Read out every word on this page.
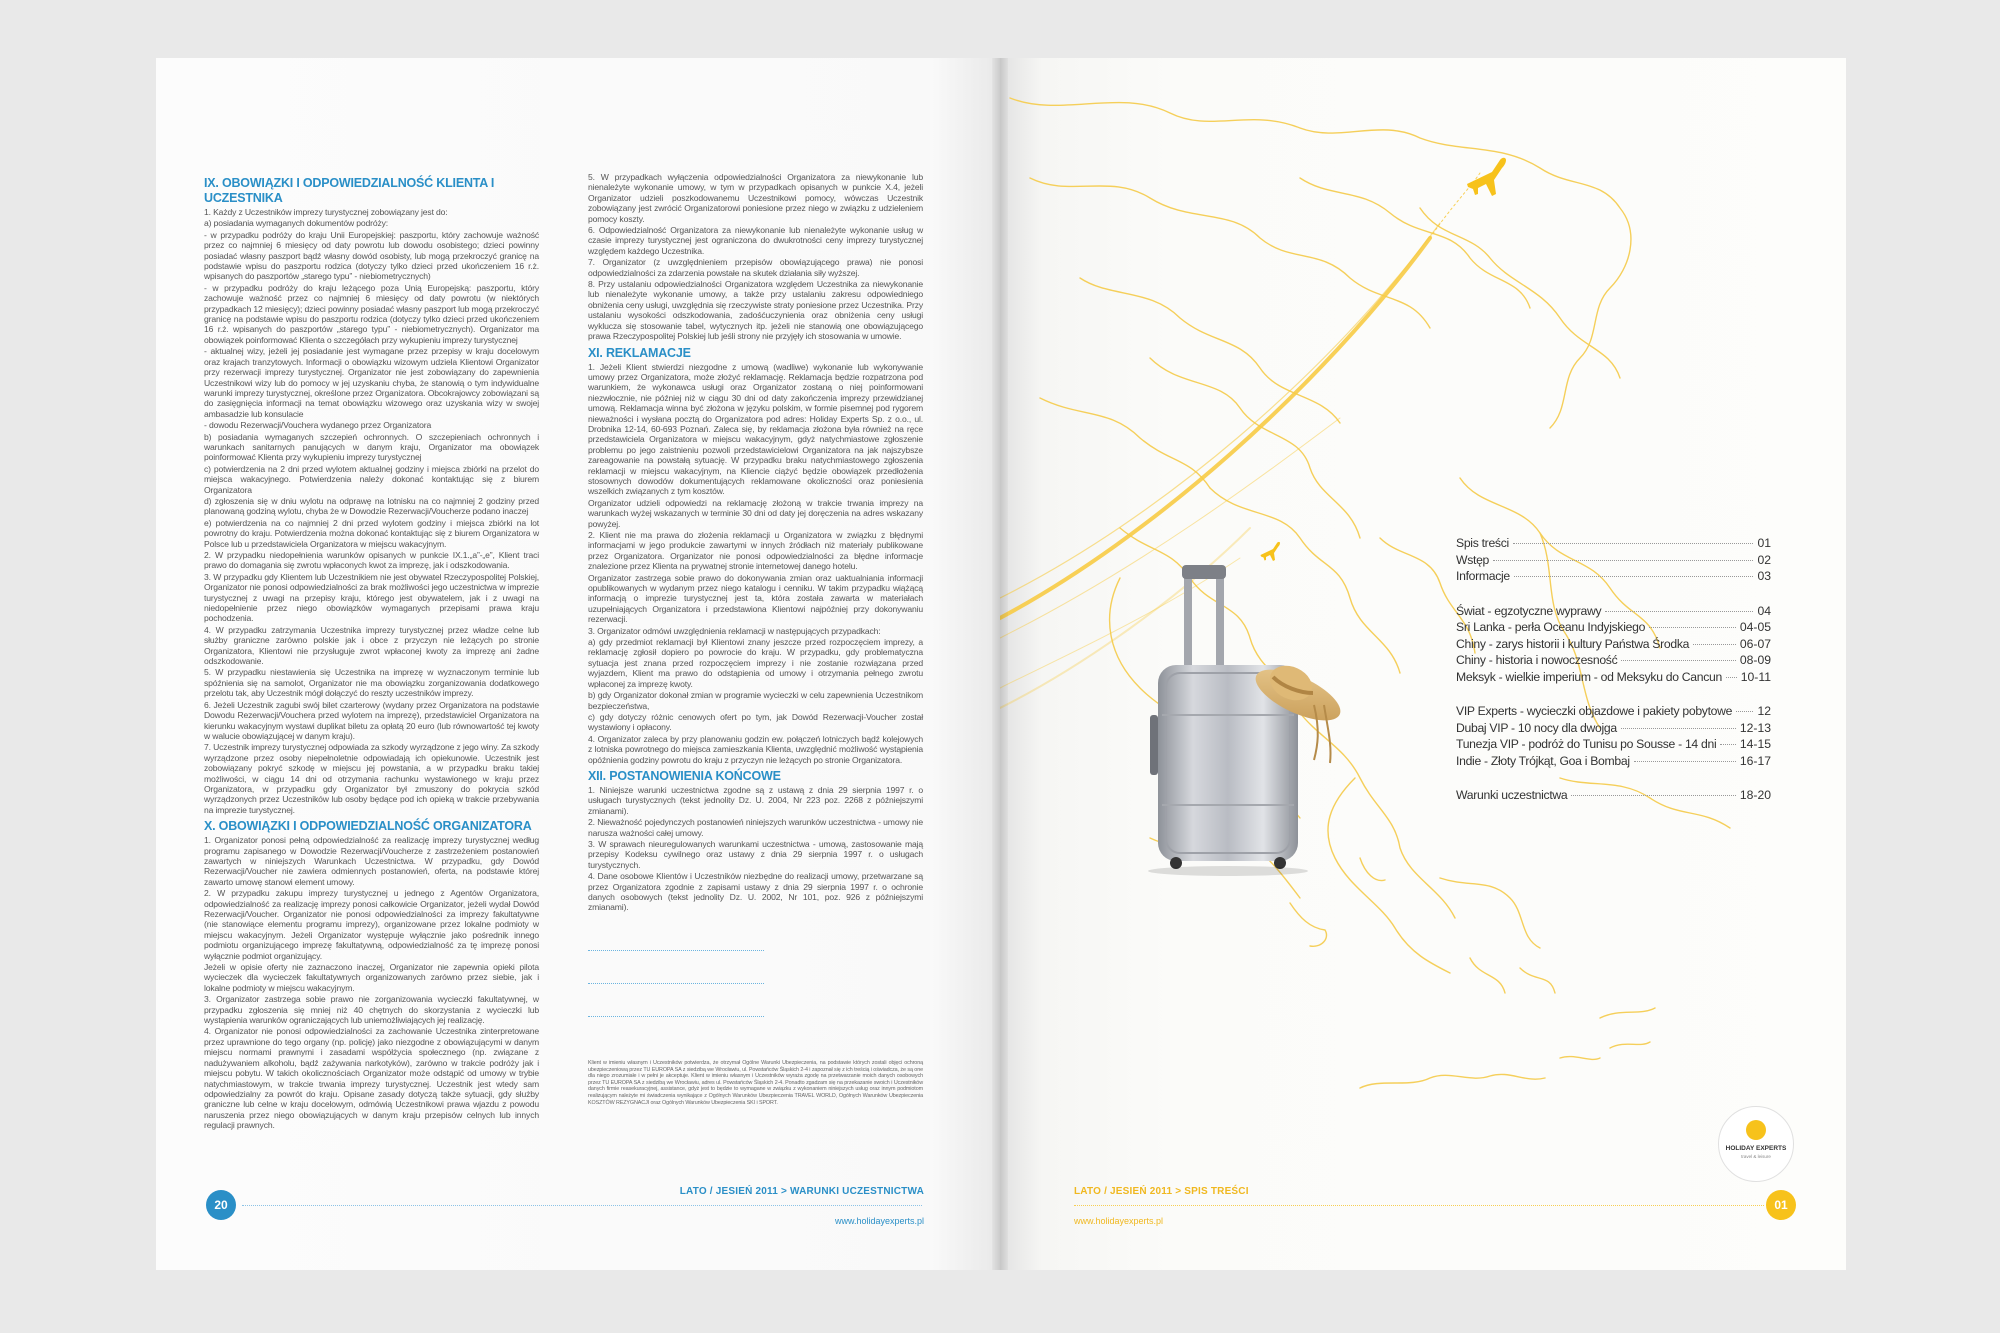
IX. OBOWIĄZKI I ODPOWIEDZIALNOŚĆ KLIENTA I UCZESTNIKA

1. Każdy z Uczestników imprezy turystycznej zobowiązany jest do:

a) posiadania wymaganych dokumentów podróży:

- w przypadku podróży do kraju Unii Europejskiej: paszportu, który zachowuje ważność przez co najmniej 6 miesięcy od daty powrotu lub dowodu osobistego; dzieci powinny posiadać własny paszport bądź własny dowód osobisty, lub mogą przekroczyć granicę na podstawie wpisu do paszportu rodzica (dotyczy tylko dzieci przed ukończeniem 16 r.ż. wpisanych do paszportów „starego typu” - niebiometrycznych)

- w przypadku podróży do kraju leżącego poza Unią Europejską: paszportu, który zachowuje ważność przez co najmniej 6 miesięcy od daty powrotu (w niektórych przypadkach 12 miesięcy); dzieci powinny posiadać własny paszport lub mogą przekroczyć granicę na podstawie wpisu do paszportu rodzica (dotyczy tylko dzieci przed ukończeniem 16 r.ż. wpisanych do paszportów „starego typu” - niebiometrycznych). Organizator ma obowiązek poinformować Klienta o szczegółach przy wykupieniu imprezy turystycznej

- aktualnej wizy, jeżeli jej posiadanie jest wymagane przez przepisy w kraju docelowym oraz krajach tranzytowych. Informacji o obowiązku wizowym udziela Klientowi Organizator przy rezerwacji imprezy turystycznej. Organizator nie jest zobowiązany do zapewnienia Uczestnikowi wizy lub do pomocy w jej uzyskaniu chyba, że stanowią o tym indywidualne warunki imprezy turystycznej, określone przez Organizatora. Obcokrajowcy zobowiązani są do zasięgnięcia informacji na temat obowiązku wizowego oraz uzyskania wizy w swojej ambasadzie lub konsulacie

- dowodu Rezerwacji/Vouchera wydanego przez Organizatora

b) posiadania wymaganych szczepień ochronnych. O szczepieniach ochronnych i warunkach sanitarnych panujących w danym kraju, Organizator ma obowiązek poinformować Klienta przy wykupieniu imprezy turystycznej

c) potwierdzenia na 2 dni przed wylotem aktualnej godziny i miejsca zbiórki na przelot do miejsca wakacyjnego. Potwierdzenia należy dokonać kontaktując się z biurem Organizatora

d) zgłoszenia się w dniu wylotu na odprawę na lotnisku na co najmniej 2 godziny przed planowaną godziną wylotu, chyba że w Dowodzie Rezerwacji/Voucherze podano inaczej

e) potwierdzenia na co najmniej 2 dni przed wylotem godziny i miejsca zbiórki na lot powrotny do kraju. Potwierdzenia można dokonać kontaktując się z biurem Organizatora w Polsce lub u przedstawiciela Organizatora w miejscu wakacyjnym.

2. W przypadku niedopełnienia warunków opisanych w punkcie IX.1.„a”-„e”, Klient traci prawo do domagania się zwrotu wpłaconych kwot za imprezę, jak i odszkodowania.

3. W przypadku gdy Klientem lub Uczestnikiem nie jest obywatel Rzeczypospolitej Polskiej, Organizator nie ponosi odpowiedzialności za brak możliwości jego uczestnictwa w imprezie turystycznej z uwagi na przepisy kraju, którego jest obywatelem, jak i z uwagi na niedopełnienie przez niego obowiązków wymaganych przepisami prawa kraju pochodzenia.

4. W przypadku zatrzymania Uczestnika imprezy turystycznej przez władze celne lub służby graniczne zarówno polskie jak i obce z przyczyn nie leżących po stronie Organizatora, Klientowi nie przysługuje zwrot wpłaconej kwoty za imprezę ani żadne odszkodowanie.

5. W przypadku niestawienia się Uczestnika na imprezę w wyznaczonym terminie lub spóźnienia się na samolot, Organizator nie ma obowiązku zorganizowania dodatkowego przelotu tak, aby Uczestnik mógł dołączyć do reszty uczestników imprezy.

6. Jeżeli Uczestnik zagubi swój bilet czarterowy (wydany przez Organizatora na podstawie Dowodu Rezerwacji/Vouchera przed wylotem na imprezę), przedstawiciel Organizatora na kierunku wakacyjnym wystawi duplikat biletu za opłatą 20 euro (lub równowartość tej kwoty w walucie obowiązującej w danym kraju).

7. Uczestnik imprezy turystycznej odpowiada za szkody wyrządzone z jego winy. Za szkody wyrządzone przez osoby niepełnoletnie odpowiadają ich opiekunowie. Uczestnik jest zobowiązany pokryć szkodę w miejscu jej powstania, a w przypadku braku takiej możliwości, w ciągu 14 dni od otrzymania rachunku wystawionego w kraju przez Organizatora, w przypadku gdy Organizator był zmuszony do pokrycia szkód wyrządzonych przez Uczestników lub osoby będące pod ich opieką w trakcie przebywania na imprezie turystycznej.

X. OBOWIĄZKI I ODPOWIEDZIALNOŚĆ ORGANIZATORA

1. Organizator ponosi pełną odpowiedzialność za realizację imprezy turystycznej według programu zapisanego w Dowodzie Rezerwacji/Voucherze z zastrzeżeniem postanowień zawartych w niniejszych Warunkach Uczestnictwa. W przypadku, gdy Dowód Rezerwacji/Voucher nie zawiera odmiennych postanowień, oferta, na podstawie której zawarto umowę stanowi element umowy.

2. W przypadku zakupu imprezy turystycznej u jednego z Agentów Organizatora, odpowiedzialność za realizację imprezy ponosi całkowicie Organizator, jeżeli wydał Dowód Rezerwacji/Voucher. Organizator nie ponosi odpowiedzialności za imprezy fakultatywne (nie stanowiące elementu programu imprezy), organizowane przez lokalne podmioty w miejscu wakacyjnym. Jeżeli Organizator występuje wyłącznie jako pośrednik innego podmiotu organizującego imprezę fakultatywną, odpowiedzialność za tę imprezę ponosi wyłącznie podmiot organizujący.

Jeżeli w opisie oferty nie zaznaczono inaczej, Organizator nie zapewnia opieki pilota wycieczek dla wycieczek fakultatywnych organizowanych zarówno przez siebie, jak i lokalne podmioty w miejscu wakacyjnym.

3. Organizator zastrzega sobie prawo nie zorganizowania wycieczki fakultatywnej, w przypadku zgłoszenia się mniej niż 40 chętnych do skorzystania z wycieczki lub wystąpienia warunków ograniczających lub uniemożliwiających jej realizację.

4. Organizator nie ponosi odpowiedzialności za zachowanie Uczestnika zinterpretowane przez uprawnione do tego organy (np. policję) jako niezgodne z obowiązującymi w danym miejscu normami prawnymi i zasadami współżycia społecznego (np. związane z nadużywaniem alkoholu, bądź zażywania narkotyków), zarówno w trakcie podróży jak i miejscu pobytu. W takich okolicznościach Organizator może odstąpić od umowy w trybie natychmiastowym, w trakcie trwania imprezy turystycznej. Uczestnik jest wtedy sam odpowiedzialny za powrót do kraju. Opisane zasady dotyczą także sytuacji, gdy służby graniczne lub celne w kraju docelowym, odmówią Uczestnikowi prawa wjazdu z powodu naruszenia przez niego obowiązujących w danym kraju przepisów celnych lub innych regulacji prawnych.

5. W przypadkach wyłączenia odpowiedzialności Organizatora za niewykonanie lub nienależyte wykonanie umowy, w tym w przypadkach opisanych w punkcie X.4, jeżeli Organizator udzieli poszkodowanemu Uczestnikowi pomocy, wówczas Uczestnik zobowiązany jest zwrócić Organizatorowi poniesione przez niego w związku z udzieleniem pomocy koszty.

6. Odpowiedzialność Organizatora za niewykonanie lub nienależyte wykonanie usług w czasie imprezy turystycznej jest ograniczona do dwukrotności ceny imprezy turystycznej względem każdego Uczestnika.

7. Organizator (z uwzględnieniem przepisów obowiązującego prawa) nie ponosi odpowiedzialności za zdarzenia powstałe na skutek działania siły wyższej.

8. Przy ustalaniu odpowiedzialności Organizatora względem Uczestnika za niewykonanie lub nienależyte wykonanie umowy, a także przy ustalaniu zakresu odpowiedniego obniżenia ceny usługi, uwzględnia się rzeczywiste straty poniesione przez Uczestnika. Przy ustalaniu wysokości odszkodowania, zadośćuczynienia oraz obniżenia ceny usługi wyklucza się stosowanie tabel, wytycznych itp. jeżeli nie stanowią one obowiązującego prawa Rzeczypospolitej Polskiej lub jeśli strony nie przyjęły ich stosowania w umowie.

XI. REKLAMACJE

1. Jeżeli Klient stwierdzi niezgodne z umową (wadliwe) wykonanie lub wykonywanie umowy przez Organizatora, może złożyć reklamację. Reklamacja będzie rozpatrzona pod warunkiem, że wykonawca usługi oraz Organizator zostaną o niej poinformowani niezwłocznie, nie później niż w ciągu 30 dni od daty zakończenia imprezy przewidzianej umową. Reklamacja winna być złożona w języku polskim, w formie pisemnej pod rygorem nieważności i wysłana pocztą do Organizatora pod adres: Holiday Experts Sp. z o.o., ul. Drobnika 12-14, 60-693 Poznań. Zaleca się, by reklamacja złożona była również na ręce przedstawiciela Organizatora w miejscu wakacyjnym, gdyż natychmiastowe zgłoszenie problemu po jego zaistnieniu pozwoli przedstawicielowi Organizatora na jak najszybsze zareagowanie na powstałą sytuację. W przypadku braku natychmiastowego zgłoszenia reklamacji w miejscu wakacyjnym, na Kliencie ciążyć będzie obowiązek przedłożenia stosownych dowodów dokumentujących reklamowane okoliczności oraz poniesienia wszelkich związanych z tym kosztów.

Organizator udzieli odpowiedzi na reklamację złożoną w trakcie trwania imprezy na warunkach wyżej wskazanych w terminie 30 dni od daty jej doręczenia na adres wskazany powyżej.

2. Klient nie ma prawa do złożenia reklamacji u Organizatora w związku z błędnymi informacjami w jego produkcie zawartymi w innych źródłach niż materiały publikowane przez Organizatora. Organizator nie ponosi odpowiedzialności za błędne informacje znalezione przez Klienta na prywatnej stronie internetowej danego hotelu.

Organizator zastrzega sobie prawo do dokonywania zmian oraz uaktualniania informacji opublikowanych w wydanym przez niego katalogu i cenniku. W takim przypadku wiążącą informacją o imprezie turystycznej jest ta, która została zawarta w materiałach uzupełniających Organizatora i przedstawiona Klientowi najpóźniej przy dokonywaniu rezerwacji.

3. Organizator odmówi uwzględnienia reklamacji w następujących przypadkach:

a) gdy przedmiot reklamacji był Klientowi znany jeszcze przed rozpoczęciem imprezy, a reklamację zgłosił dopiero po powrocie do kraju. W przypadku, gdy problematyczna sytuacja jest znana przed rozpoczęciem imprezy i nie zostanie rozwiązana przed wyjazdem, Klient ma prawo do odstąpienia od umowy i otrzymania pełnego zwrotu wpłaconej za imprezę kwoty.

b) gdy Organizator dokonał zmian w programie wycieczki w celu zapewnienia Uczestnikom bezpieczeństwa,

c) gdy dotyczy różnic cenowych ofert po tym, jak Dowód Rezerwacji-Voucher został wystawiony i opłacony.

4. Organizator zaleca by przy planowaniu godzin ew. połączeń lotniczych bądź kolejowych z lotniska powrotnego do miejsca zamieszkania Klienta, uwzględnić możliwość wystąpienia opóźnienia godziny powrotu do kraju z przyczyn nie leżących po stronie Organizatora.

XII. POSTANOWIENIA KOŃCOWE

1. Niniejsze warunki uczestnictwa zgodne są z ustawą z dnia 29 sierpnia 1997 r. o usługach turystycznych (tekst jednolity Dz. U. 2004, Nr 223 poz. 2268 z późniejszymi zmianami).

2. Nieważność pojedynczych postanowień niniejszych warunków uczestnictwa - umowy nie narusza ważności całej umowy.

3. W sprawach nieuregulowanych warunkami uczestnictwa - umową, zastosowanie mają przepisy Kodeksu cywilnego oraz ustawy z dnia 29 sierpnia 1997 r. o usługach turystycznych.

4. Dane osobowe Klientów i Uczestników niezbędne do realizacji umowy, przetwarzane są przez Organizatora zgodnie z zapisami ustawy z dnia 29 sierpnia 1997 r. o ochronie danych osobowych (tekst jednolity Dz. U. 2002, Nr 101, poz. 926 z późniejszymi zmianami).

Klient w imieniu własnym i Uczestników potwierdza, że otrzymał Ogólne Warunki Ubezpieczenia, na podstawie których zostali objęci ochroną ubezpieczeniową przez TU EUROPA SA z siedzibą we Wrocławiu, ul. Powstańców Śląskich 2-4 i zapoznał się z ich treścią i oświadcza, że są one dla niego zrozumiałe i w pełni je akceptuje. Klient w imieniu własnym i Uczestników wyraża zgodę na przetwarzanie moich danych osobowych przez TU EUROPA SA z siedzibą we Wrocławiu, adres ul. Powstańców Śląskich 2-4. Ponadto zgadzam się na przekazanie swoich i Uczestników danych firmie reasekuracyjnej, assistance, gdyż jest to będzie to wymagane w związku z wykonaniem niniejszych usług oraz innym podmiotom realizującym należyte mi świadczenia wynikające z Ogólnych Warunków Ubezpieczenia TRAVEL WORLD, Ogólnych Warunków Ubezpieczenia KOSZTÓW REZYGNACJI oraz Ogólnych Warunków Ubezpieczenia SKI i SPORT.
20
LATO / JESIEŃ 2011 > WARUNKI UCZESTNICTWA
www.holidayexperts.pl
Spis treści	01
Wstęp	02
Informacje	03
Świat - egzotyczne wyprawy	04
Sri Lanka - perła Oceanu Indyjskiego	04-05
Chiny - zarys historii i kultury Państwa Środka	06-07
Chiny - historia i nowoczesność	08-09
Meksyk - wielkie imperium - od Meksyku do Cancun 10-11
VIP Experts - wycieczki objazdowe i pakiety pobytowe 12
Dubaj VIP - 10 nocy dla dwojga	12-13
Tunezja VIP - podróż do Tunisu po Sousse - 14 dni 14-15
Indie - Złoty Trójkąt, Goa i Bombaj	16-17
Warunki uczestnictwa	18-20
HOLIDAY EXPERTS
travel & leisure
LATO / JESIEŃ 2011 > SPIS TREŚCI
01
www.holidayexperts.pl
